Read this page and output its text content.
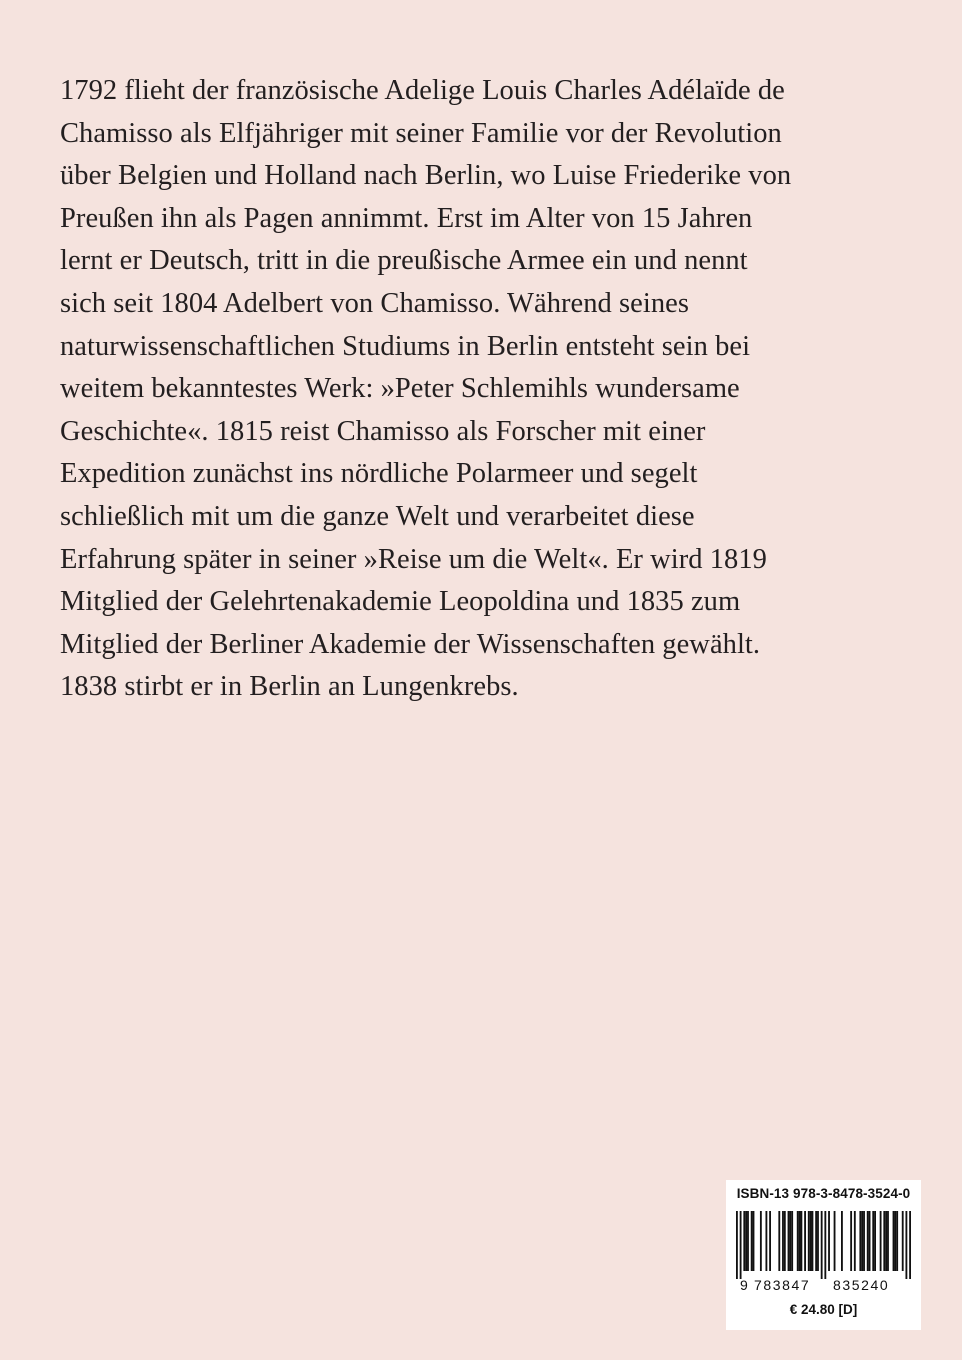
1792 flieht der französische Adelige Louis Charles Adélaïde de
Chamisso als Elfjähriger mit seiner Familie vor der Revolution
über Belgien und Holland nach Berlin, wo Luise Friederike von
Preußen ihn als Pagen annimmt. Erst im Alter von 15 Jahren
lernt er Deutsch, tritt in die preußische Armee ein und nennt
sich seit 1804 Adelbert von Chamisso. Während seines
naturwissenschaftlichen Studiums in Berlin entsteht sein bei
weitem bekanntestes Werk: »Peter Schlemihls wundersame
Geschichte«. 1815 reist Chamisso als Forscher mit einer
Expedition zunächst ins nördliche Polarmeer und segelt
schließlich mit um die ganze Welt und verarbeitet diese
Erfahrung später in seiner »Reise um die Welt«. Er wird 1819
Mitglied der Gelehrtenakademie Leopoldina und 1835 zum
Mitglied der Berliner Akademie der Wissenschaften gewählt.
1838 stirbt er in Berlin an Lungenkrebs.

ISBN-13 978-3-8478-3524-0
9 783847 835240
€ 24.80 [D]
